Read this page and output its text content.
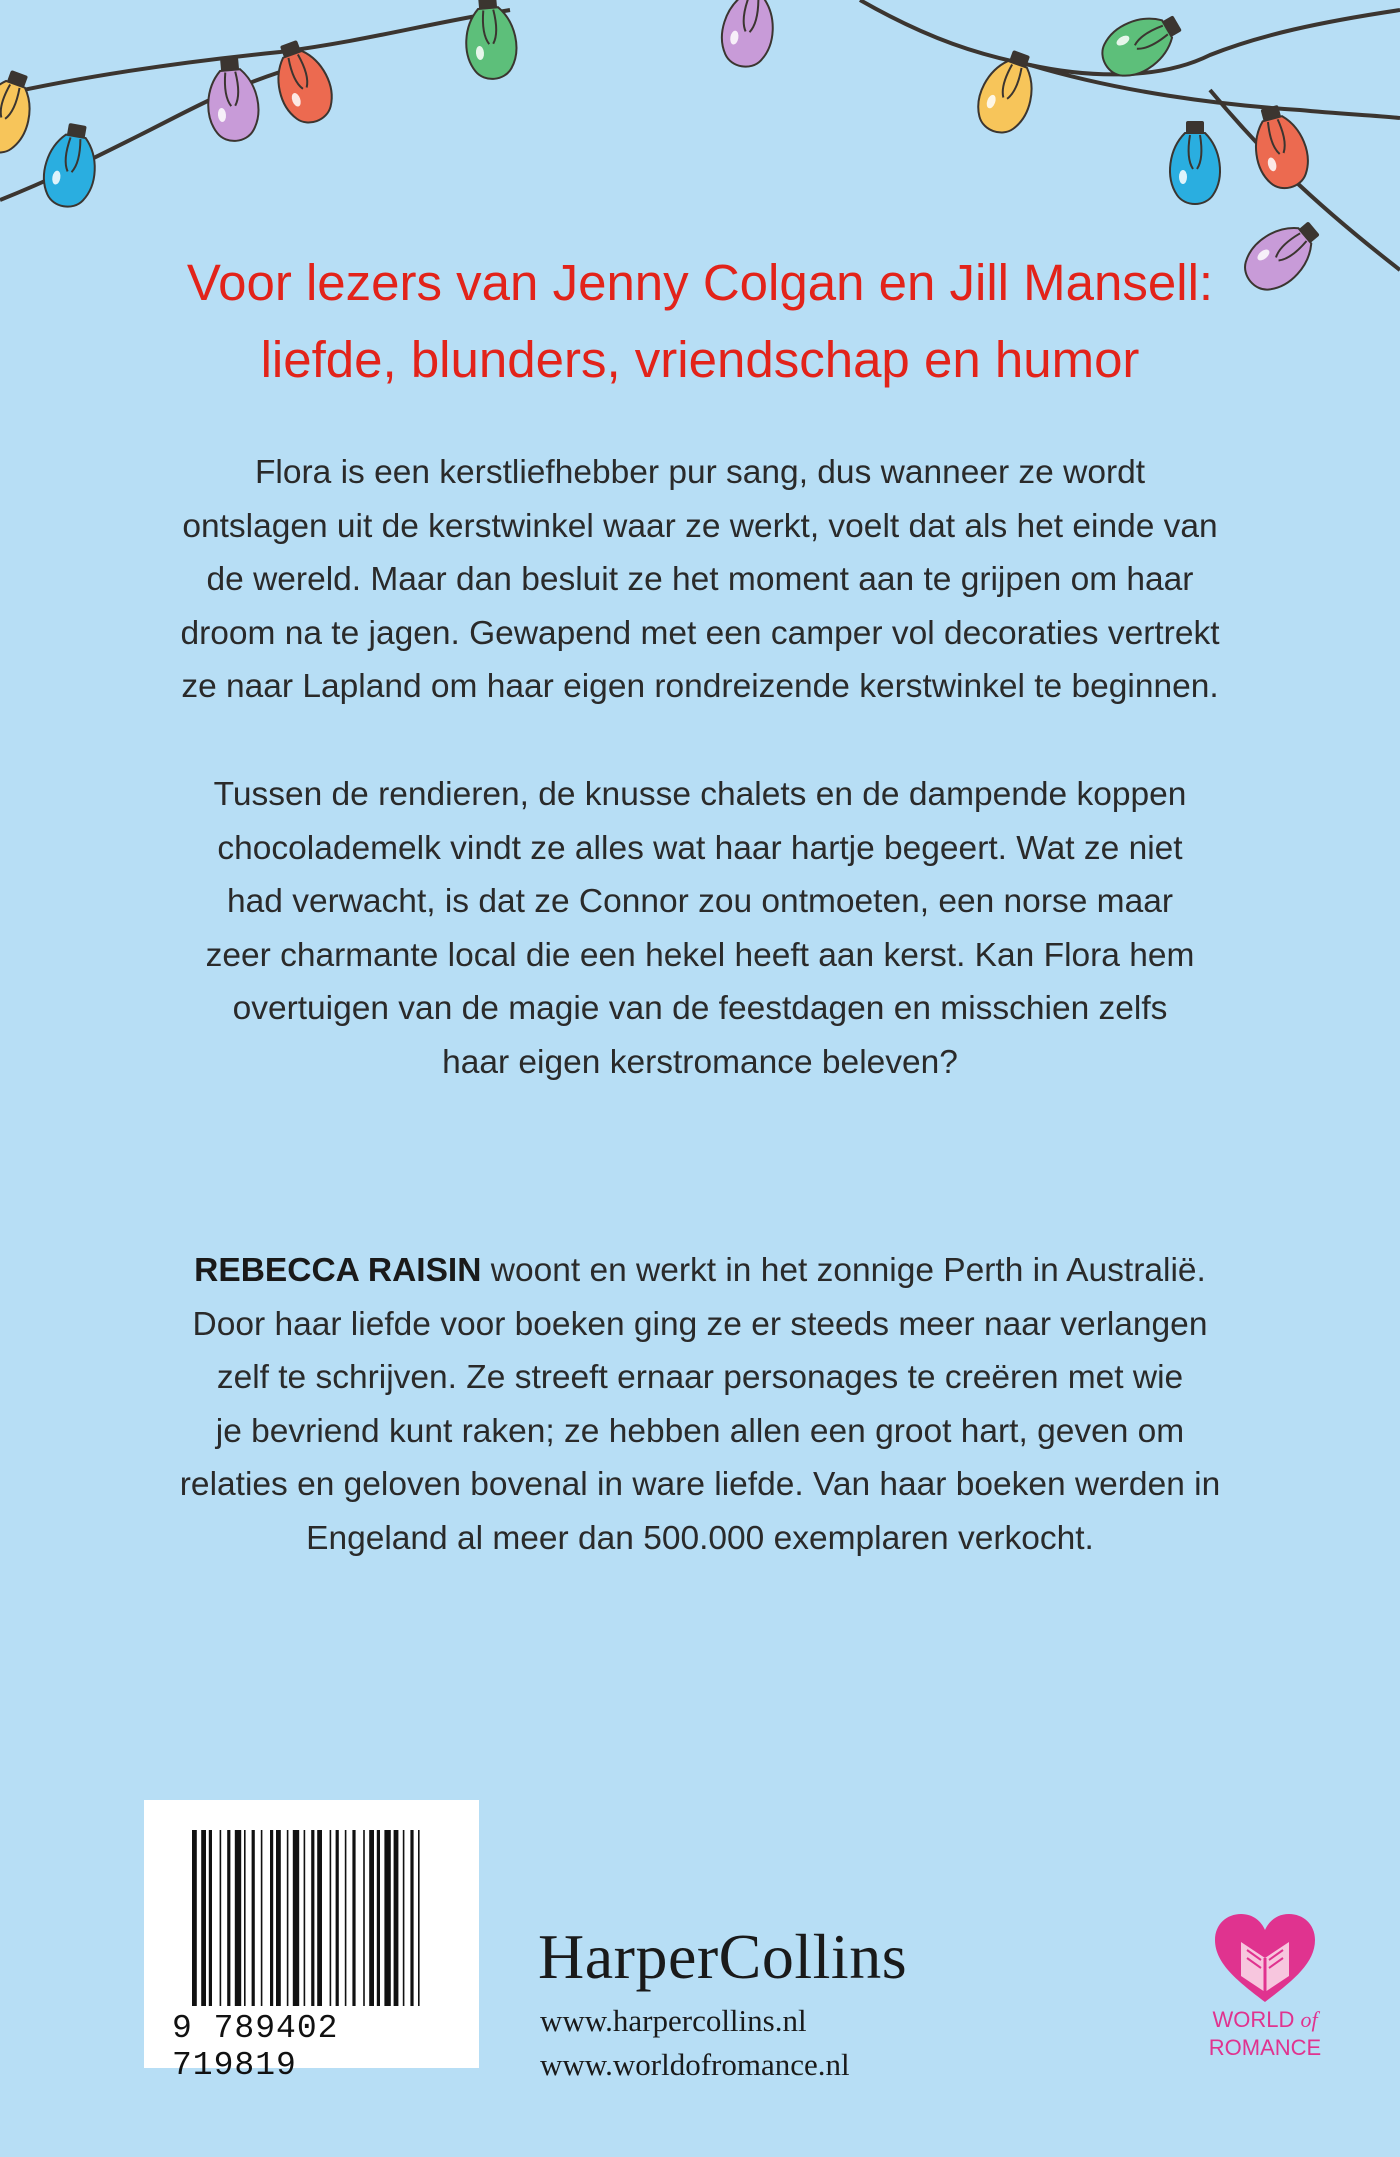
Voor lezers van Jenny Colgan en Jill Mansell:
liefde, blunders, vriendschap en humor
Flora is een kerstliefhebber pur sang, dus wanneer ze wordt
ontslagen uit de kerstwinkel waar ze werkt, voelt dat als het einde van
de wereld. Maar dan besluit ze het moment aan te grijpen om haar
droom na te jagen. Gewapend met een camper vol decoraties vertrekt
ze naar Lapland om haar eigen rondreizende kerstwinkel te beginnen.
Tussen de rendieren, de knusse chalets en de dampende koppen
chocolademelk vindt ze alles wat haar hartje begeert. Wat ze niet
had verwacht, is dat ze Connor zou ontmoeten, een norse maar
zeer charmante local die een hekel heeft aan kerst. Kan Flora hem
overtuigen van de magie van de feestdagen en misschien zelfs
haar eigen kerstromance beleven?
REBECCA RAISIN woont en werkt in het zonnige Perth in Australië.
Door haar liefde voor boeken ging ze er steeds meer naar verlangen
zelf te schrijven. Ze streeft ernaar personages te creëren met wie
je bevriend kunt raken; ze hebben allen een groot hart, geven om
relaties en geloven bovenal in ware liefde. Van haar boeken werden in
Engeland al meer dan 500.000 exemplaren verkocht.
9 789402 719819
HarperCollins
www.harpercollins.nl
www.worldofromance.nl
WORLD of
ROMANCE
